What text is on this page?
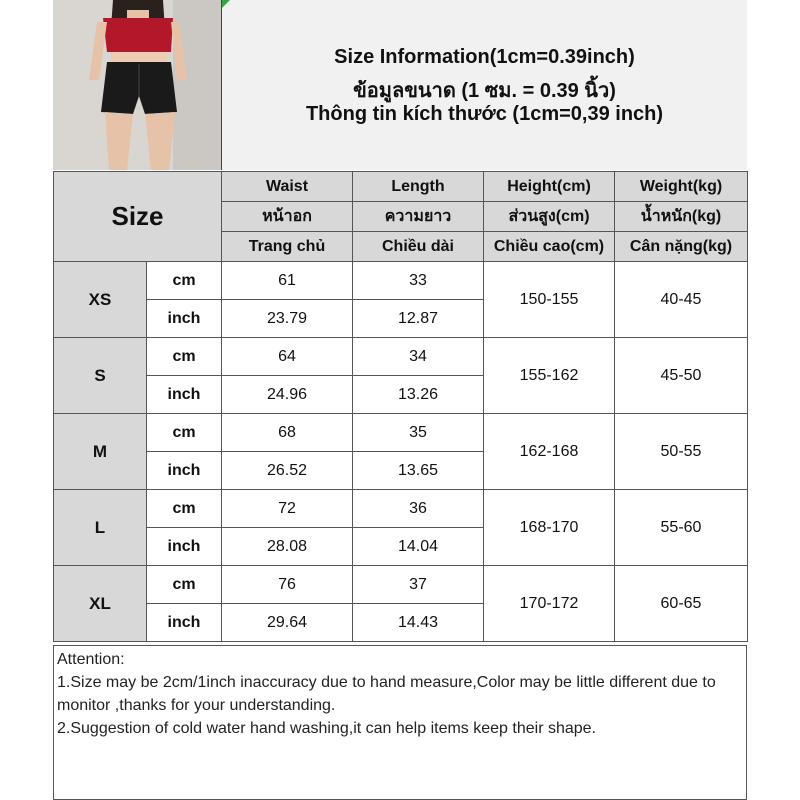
Size Information(1cm=0.39inch)
ข้อมูลขนาด (1 ซม. = 0.39 นิ้ว)
Thông tin kích thước (1cm=0,39 inch)
Size		Waist	Length	Height(cm)	Weight(kg)
		หน้าอก	ความยาว	ส่วนสูง(cm)	น้ำหนัก(kg)
		Trang chủ	Chiều dài	Chiều cao(cm)	Cân nặng(kg)
XS	cm	61	33	150-155	40-45
	inch	23.79	12.87		
S	cm	64	34	155-162	45-50
	inch	24.96	13.26		
M	cm	68	35	162-168	50-55
	inch	26.52	13.65		
L	cm	72	36	168-170	55-60
	inch	28.08	14.04		
XL	cm	76	37	170-172	60-65
	inch	29.64	14.43		
Attention:
1.Size may be 2cm/1inch inaccuracy due to hand measure,Color may be little different due to monitor ,thanks for your understanding.
2.Suggestion of cold water hand washing,it can help items keep their shape.
